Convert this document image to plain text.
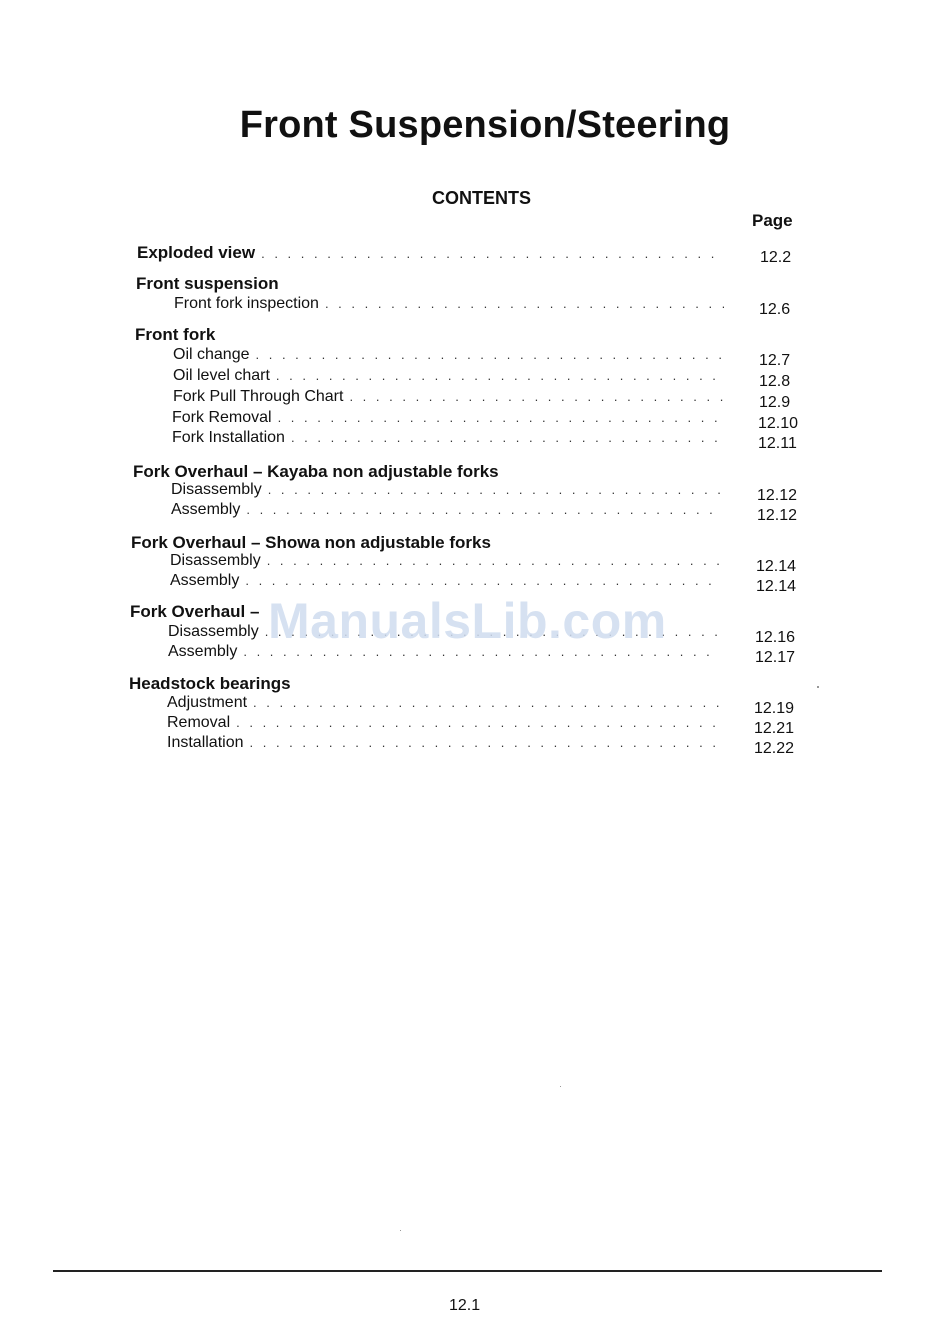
Front Suspension/Steering
CONTENTS
Page
Exploded view . . .	12.2
Front suspension
Front fork inspection . . .	12.6
Front fork
Oil change . . .	12.7
Oil level chart . . .	12.8
Fork Pull Through Chart . . .	12.9
Fork Removal . . .	12.10
Fork Installation . . .	12.11
Fork Overhaul – Kayaba non adjustable forks
Disassembly . . .	12.12
Assembly . . .	12.12
Fork Overhaul – Showa non adjustable forks
Disassembly . . .	12.14
Assembly . . .	12.14
Fork Overhaul –
Disassembly . . .	12.16
Assembly . . .	12.17
Headstock bearings
Adjustment . . .	12.19
Removal . . .	12.21
Installation . . .	12.22
ManualsLib.com
12.1
